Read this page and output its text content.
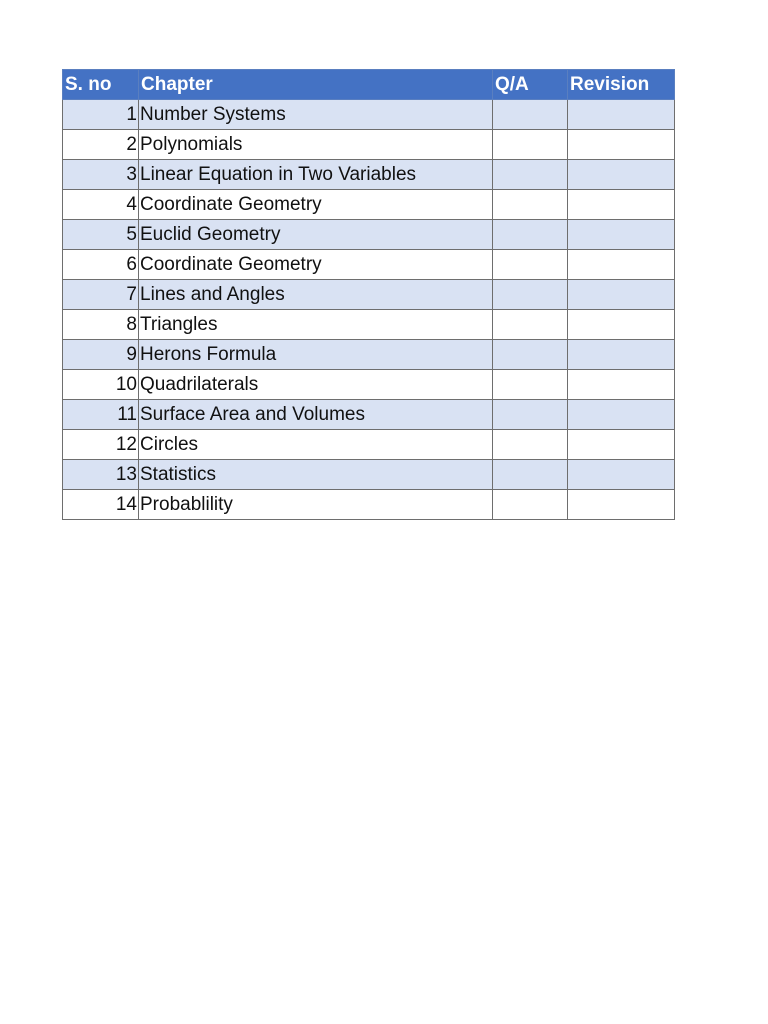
S. no	Chapter	Q/A	Revision
1	Number Systems		
2	Polynomials		
3	Linear Equation in Two Variables		
4	Coordinate Geometry		
5	Euclid Geometry		
6	Coordinate Geometry		
7	Lines and Angles		
8	Triangles		
9	Herons Formula		
10	Quadrilaterals		
11	Surface Area and Volumes		
12	Circles		
13	Statistics		
14	Probablility		
